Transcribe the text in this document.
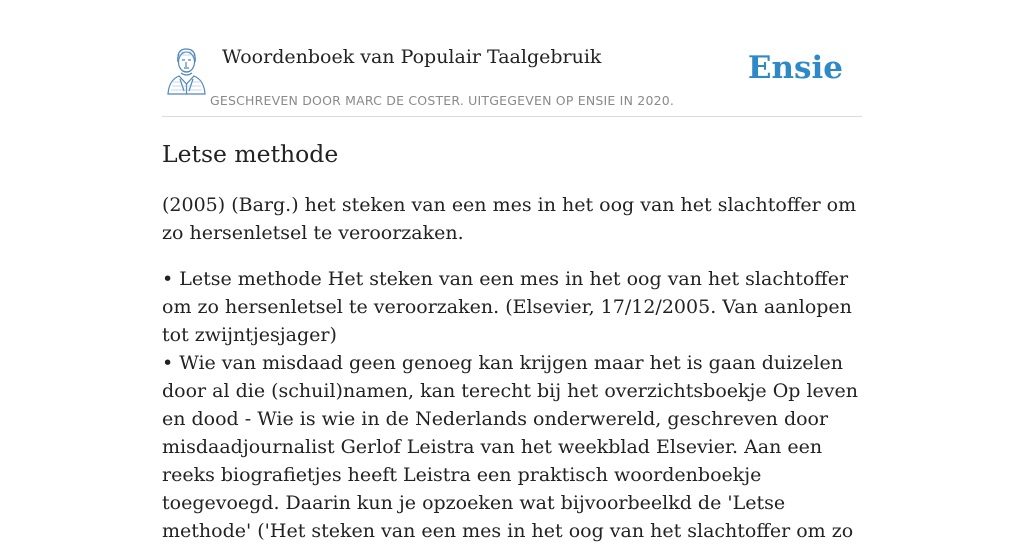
Woordenboek van Populair Taalgebruik
GESCHREVEN DOOR MARC DE COSTER. UITGEGEVEN OP ENSIE IN 2020.
Ensie
Letse methode

(2005) (Barg.) het steken van een mes in het oog van het slachtoffer om zo hersenletsel te veroorzaken.

• Letse methode Het steken van een mes in het oog van het slachtoffer om zo hersenletsel te veroorzaken. (Elsevier, 17/12/2005. Van aanlopen tot zwijntjesjager)

• Wie van misdaad geen genoeg kan krijgen maar het is gaan duizelen door al die (schuil)namen, kan terecht bij het overzichtsboekje Op leven en dood - Wie is wie in de Nederlands onderwereld, geschreven door misdaadjournalist Gerlof Leistra van het weekblad Elsevier. Aan een reeks biografietjes heeft Leistra een praktisch woordenboekje toegevoegd. Daarin kun je opzoeken wat bijvoorbeelkd de 'Letse methode' ('Het steken van een mes in het oog van het slachtoffer om zo
